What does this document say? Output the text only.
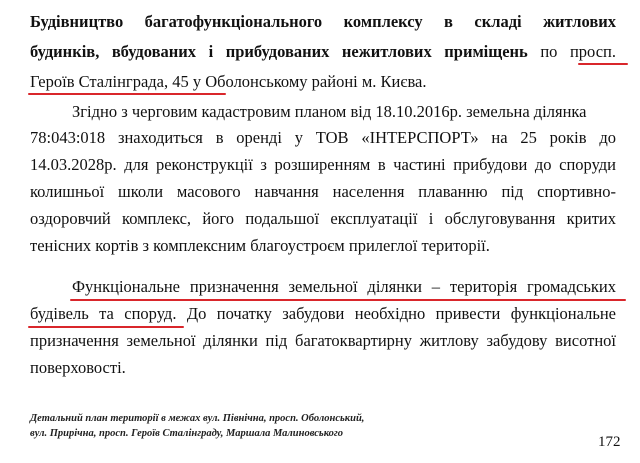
Будівництво багатофункціонального комплексу в складі житлових
будинків, вбудованих і прибудованих нежитлових приміщень по просп.
Героїв Сталінграда, 45 у Оболонському районі м. Києва.
Згідно з черговим кадастровим планом від 18.10.2016р. земельна ділянка
78:043:018 знаходиться в оренді у ТОВ «ІНТЕРСПОРТ» на 25 років до
14.03.2028р. для реконструкції з розширенням в частині прибудови до споруди
колишньої школи масового навчання населення плаванню під спортивно-
оздоровчий комплекс, його подальшої експлуатації і обслуговування критих
тенісних кортів з комплексним благоустроєм прилеглої території.
Функціональне призначення земельної ділянки – територія громадських
будівель та споруд. До початку забудови необхідно привести функціональне
призначення земельної ділянки під багатоквартирну житлову забудову висотної
поверховості.
Детальний план території в межах вул. Північна, просп. Оболонський,
вул. Прирічна, просп. Героїв Сталінграду, Маршала Малиновського
172
